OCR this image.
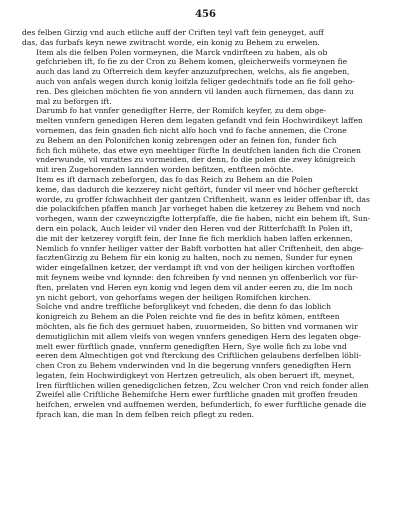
456

des felben Girzig vnd auch etliche auff der Criften teyl vaft fein geneyget, auff
das, das furbafs keyn newe zwitracht worde, ein konig zu Behem zu erwelen.

Item als die felben Polen vormeynen, die Marck vndirfteen zu haben, als ob
gefchrieben ift, fo fie zu der Cron zu Behem komen, gleicherweifs vormeynen fie
auch das land zu Ofterreich dem keyfer anzuzufprechen, welchs, als fie angeben,
auch von anfals wegen durch konig loifzla feliger gedechtnifs tode an fie foll geho-
ren. Des gleichen möchten fie von anndern vil landen auch fürnemen, das dann zu
mal zu beforgen ift.

Darumb fo hat vnnfer genedigfter Herre, der Romifch keyfer, zu dem obge-
melten vnnfern genedigen Heren dem legaten gefandt vnd fein Hochwirdikeyt laffen
vornemen, das fein gnaden fich nicht alfo hoch vnd fo fache annemen, die Crone
zu Behem an den Polonifchen konig zebrengen oder an feinen fon, funder fich
fich fich mühete, das etwe eyn meehtiger fürfte In deutfchen landen fich die Cronen
vnderwunde, vil vnrattes zu vormeiden, der denn, fo die polen die zwey königreich
mit iren Zugehorenden lannden worden befitzen, entfteen möchte.

Item es ift darnach zebeforgen, das fo das Reich zu Behem an die Polen
keme, das dadurch die kezzerey nicht geftört, funder vil meer vnd höcher gefterckt
worde, zu groffer fchwachheit der gantzen Criftenheit, wann es leider offenbar ift, das
die polackifchen pfaffen manch Jar vorheget haben die ketzerey zu Behem vnd noch
vorhegen, wann der czweynczigfte lotterpfaffe, die fie haben, nicht ein behem ift, Sun-
dern ein polack, Auch leider vil vnder den Heren vnd der Ritterfchafft In Polen ift,
die mit der ketzerey vorgift fein, der Inne fie fich merklich haben laffen erkennen,
Nemlich fo vnnfer heiliger vatter der Babft vorbotten hat aller Criftenheit, den abge-
facztenGirzig zu Behem für ein konig zu halten, noch zu nemen, Sunder fur eynen
wider eingefallnen ketzer, der verdampt ift vnd von der heiligen kirchen vorftoffen
mit feynem weibe vnd kynnde: den fchreiben fy vnd nennen yn offenberlich vor für-
ften, prelaten vnd Heren eyn konig vnd legen dem vil ander eeren zu, die Im noch
yn nicht gebort, von gehorfams wegen der heiligen Romifchen kirchen.

Solche vnd andre treffliche beforglikeyt vnd fcheden, die denn fo das loblich
konigreich zu Behem an die Polen reichte vnd fie des in befitz kömen, entfteen
möchten, als fie fich des germuet haben, zuuormeiden, So bitten vnd vormanen wir
demutiglichin mit allem vleifs von wegen vnnfers genedigen Hern des legaten obge-
melt ewer fürftlich gnade, vnnferm genedigften Hern, Sye wolle fich zu lobe vnd
eeren dem Almechtigen got vnd fterckung des Criftlichen gelaubens derfelben löbli-
chen Cron zu Behem vnderwinden vnd In die begerung vnnfers genedigften Hern
legaten, fein Hochwirdigkeyt von Hertzen getreulich, als oben beruert ift, meynet,
Iren fürftlichen willen genedigclichen fetzen, Zcu welcher Cron vnd reich fonder allen
Zweifel alle Criftliche Behemifche Hern ewer furftliche gnaden mit groffen freuden
heifchen, erwelen vnd auffnemen werden, befunderlich, fo ewer furftliche genade die
fprach kan, die man In dem felben reich pflegt zu reden.
